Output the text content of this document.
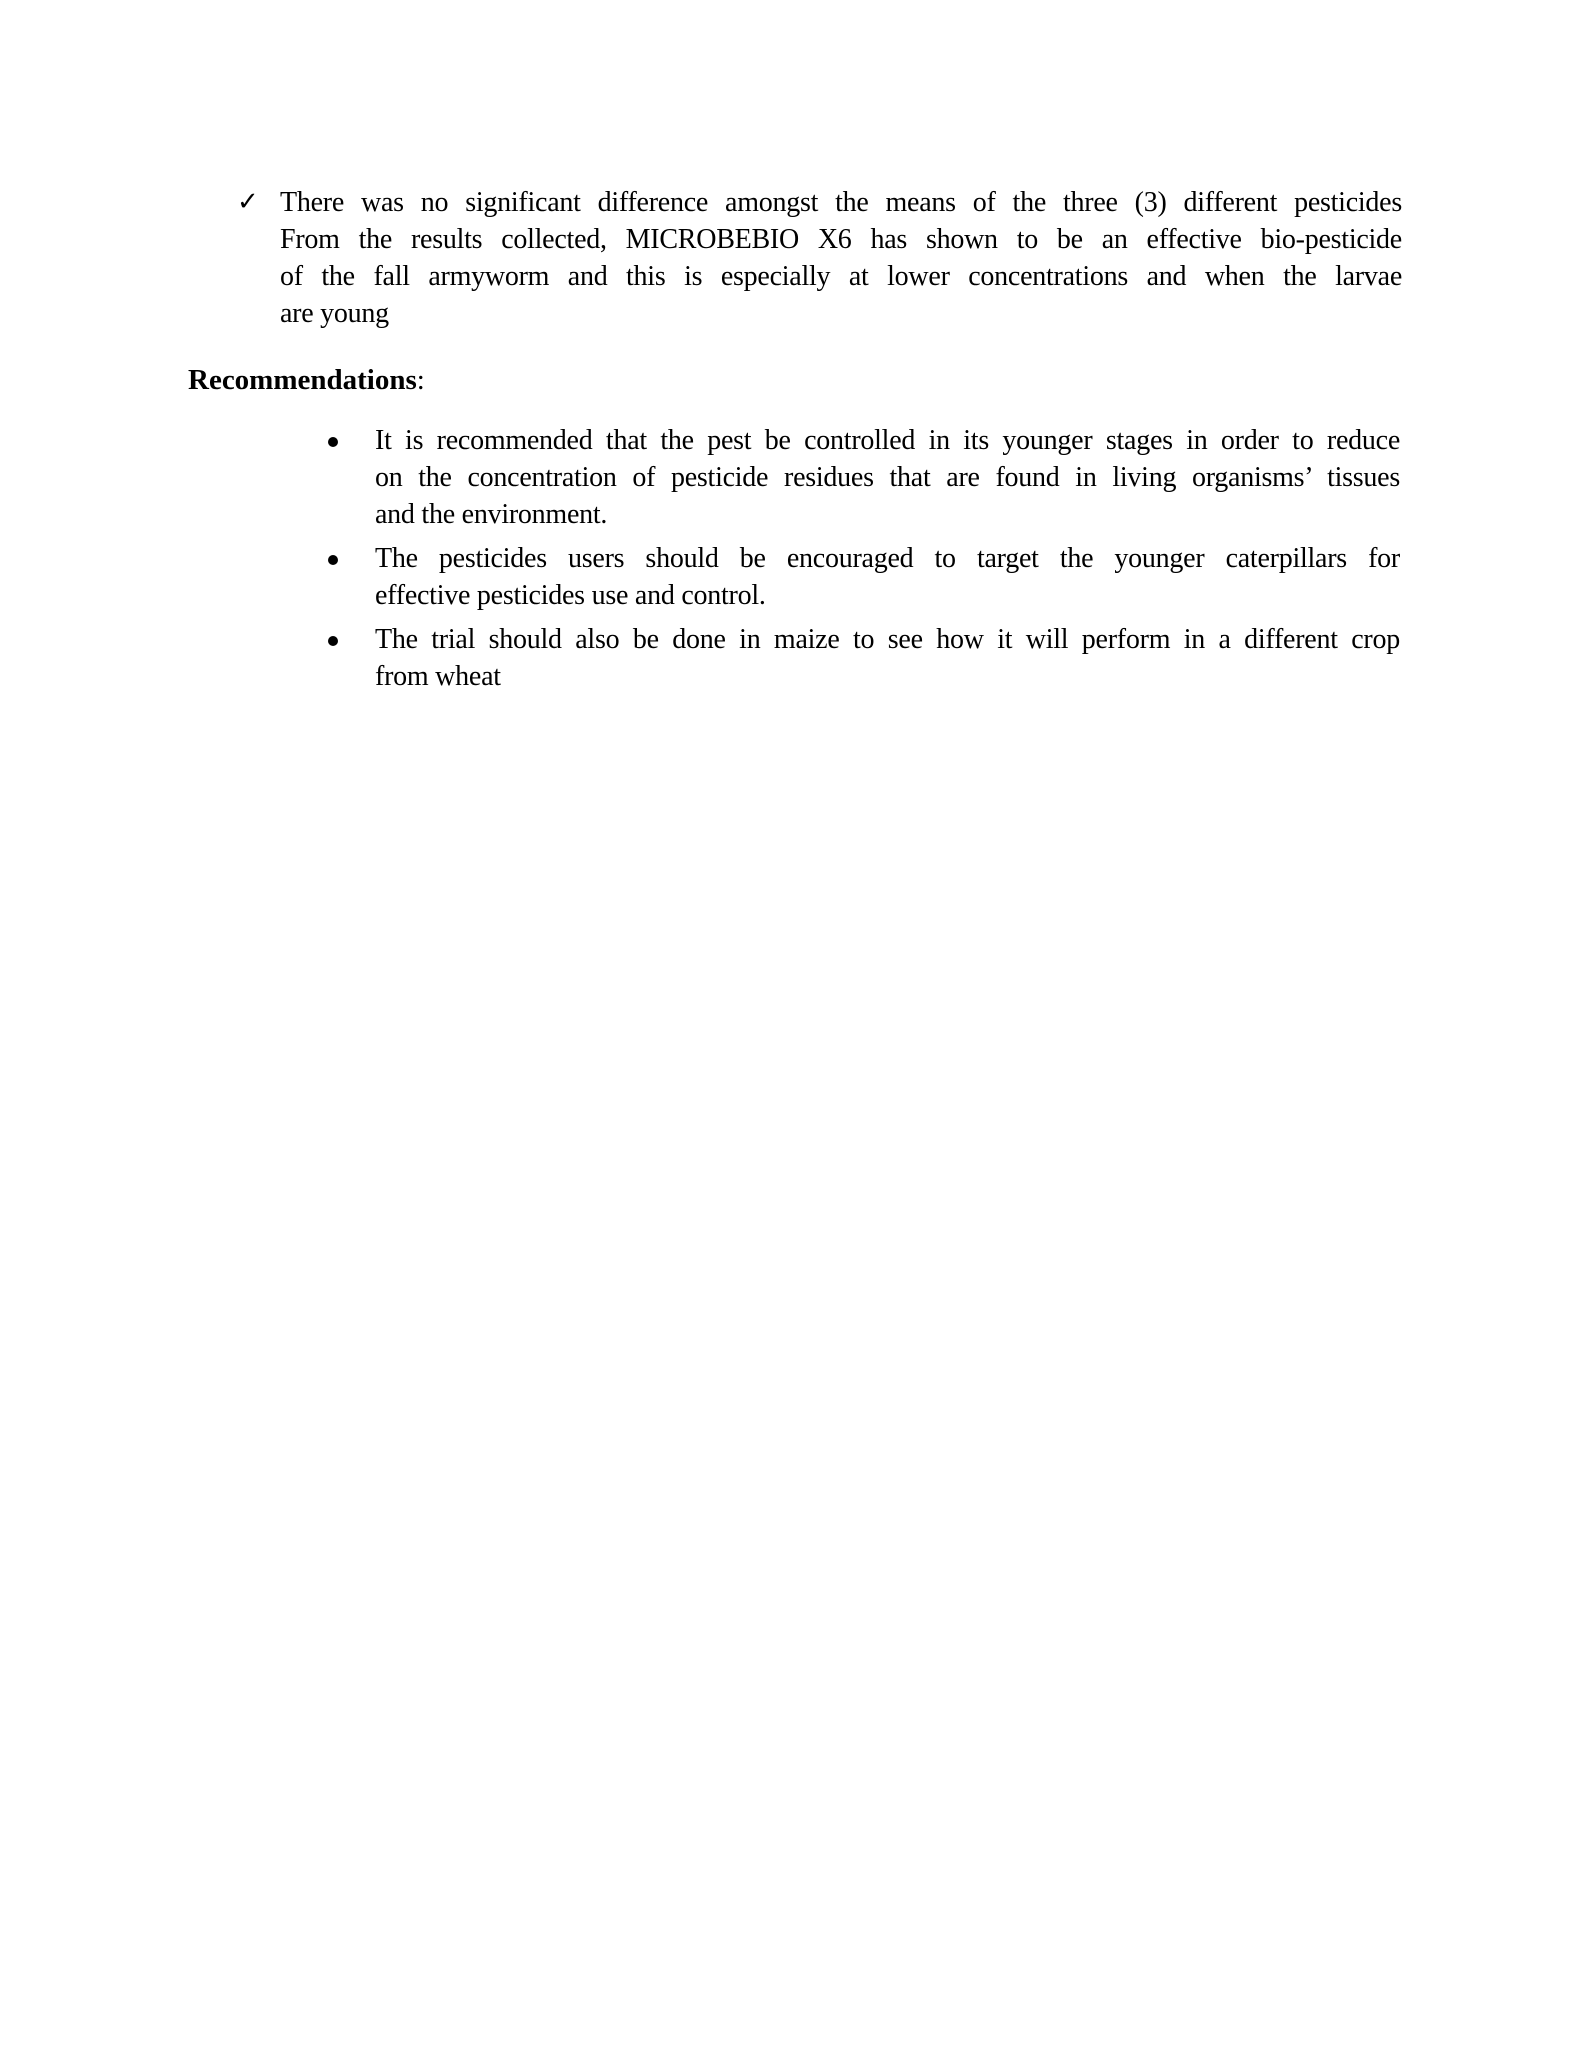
✓ There was no significant difference amongst the means of the three (3) different pesticides
From the results collected, MICROBEBIO X6 has shown to be an effective bio-pesticide
of the fall armyworm and this is especially at lower concentrations and when the larvae
are young
Recommendations:
It is recommended that the pest be controlled in its younger stages in order to reduce
on the concentration of pesticide residues that are found in living organisms’ tissues
and the environment.
The pesticides users should be encouraged to target the younger caterpillars for
effective pesticides use and control.
The trial should also be done in maize to see how it will perform in a different crop
from wheat
